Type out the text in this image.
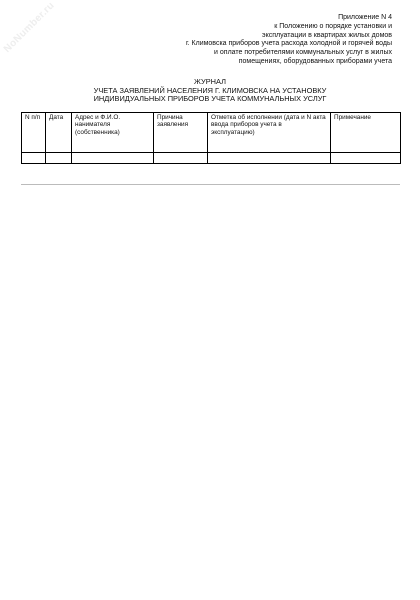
NoNumber.ru	Приложение N 4
к Положению о порядке установки и
эксплуатации в квартирах жилых домов
г. Климовска приборов учета расхода холодной и горячей воды
и оплате потребителями коммунальных услуг в жилых
помещениях, оборудованных приборами учета
ЖУРНАЛ
УЧЕТА ЗАЯВЛЕНИЙ НАСЕЛЕНИЯ Г. КЛИМОВСКА НА УСТАНОВКУ
ИНДИВИДУАЛЬНЫХ ПРИБОРОВ УЧЕТА КОММУНАЛЬНЫХ УСЛУГ
N п/п	Дата	Адрес и Ф.И.О. нанимателя (собственника)	Причина заявления	Отметка об исполнении (дата и N акта ввода приборов учета в эксплуатацию)	Примечание
